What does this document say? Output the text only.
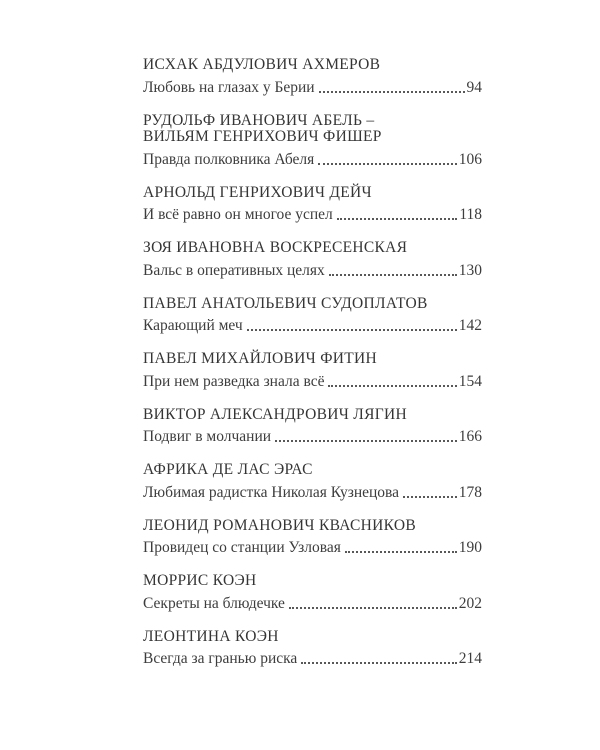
ИСХАК АБДУЛОВИЧ АХМЕРОВ
Любовь на глазах у Берии	94
РУДОЛЬФ ИВАНОВИЧ АБЕЛЬ –
ВИЛЬЯМ ГЕНРИХОВИЧ ФИШЕР
Правда полковника Абеля	106
АРНОЛЬД ГЕНРИХОВИЧ ДЕЙЧ
И всё равно он многое успел	118
ЗОЯ ИВАНОВНА ВОСКРЕСЕНСКАЯ
Вальс в оперативных целях	130
ПАВЕЛ АНАТОЛЬЕВИЧ СУДОПЛАТОВ
Карающий меч	142
ПАВЕЛ МИХАЙЛОВИЧ ФИТИН
При нем разведка знала всё	154
ВИКТОР АЛЕКСАНДРОВИЧ ЛЯГИН
Подвиг в молчании	166
АФРИКА ДЕ ЛАС ЭРАС
Любимая радистка Николая Кузнецова	178
ЛЕОНИД РОМАНОВИЧ КВАСНИКОВ
Провидец со станции Узловая	190
МОРРИС КОЭН
Секреты на блюдечке	202
ЛЕОНТИНА КОЭН
Всегда за гранью риска	214
